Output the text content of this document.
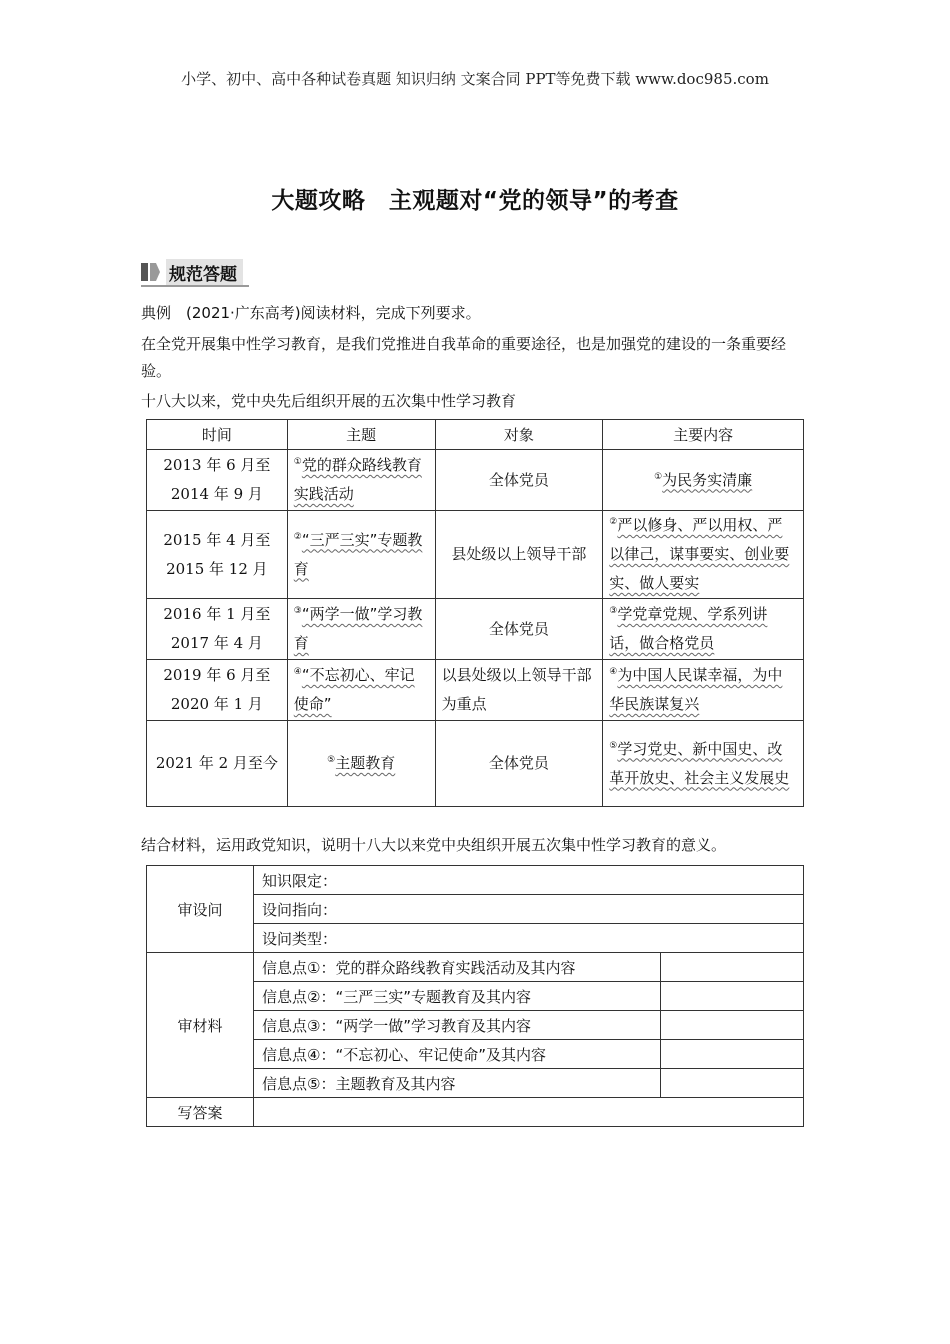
小学、初中、高中各种试卷真题 知识归纳 文案合同 PPT等免费下载 www.doc985.com
大题攻略　主观题对“党的领导”的考查
规范答题
典例　(2021·广东高考)阅读材料，完成下列要求。
在全党开展集中性学习教育，是我们党推进自我革命的重要途径，也是加强党的建设的一条重要经验。
十八大以来，党中央先后组织开展的五次集中性学习教育
时间	主题	对象	主要内容

2013 年 6 月至
2014 年 9 月	①党的群众路线教育实践活动	全体党员	①为民务实清廉

2015 年 4 月至
2015 年 12 月	②“三严三实”专题教育	县处级以上领导干部	②严以修身、严以用权、严以律己，谋事要实、创业要实、做人要实

2016 年 1 月至
2017 年 4 月	③“两学一做”学习教育	全体党员	③学党章党规、学系列讲话，做合格党员

2019 年 6 月至
2020 年 1 月	④“不忘初心、牢记使命”	以县处级以上领导干部为重点	④为中国人民谋幸福，为中华民族谋复兴
2021 年 2 月至今	⑤主题教育	全体党员	⑤学习党史、新中国史、改革开放史、社会主义发展史
结合材料，运用政党知识，说明十八大以来党中央组织开展五次集中性学习教育的意义。
审设问	知识限定：	
	设问指向：	
	设问类型：	
审材料	信息点①：党的群众路线教育实践活动及其内容	
	信息点②：“三严三实”专题教育及其内容	
	信息点③：“两学一做”学习教育及其内容	
	信息点④：“不忘初心、牢记使命”及其内容	
	信息点⑤：主题教育及其内容	
写答案		
